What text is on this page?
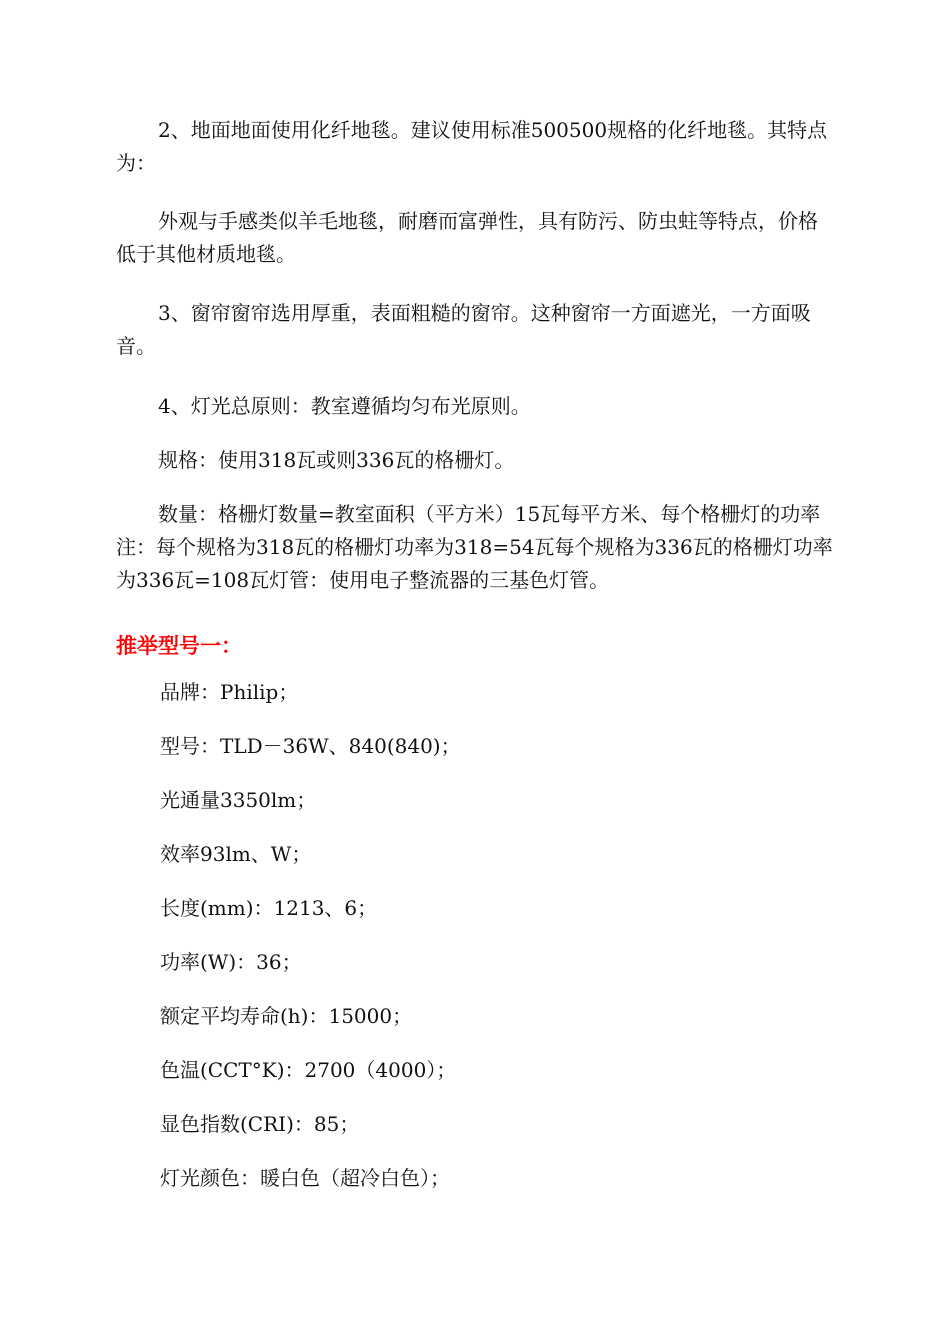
2、地面地面使用化纤地毯。建议使用标准500500规格的化纤地毯。其特点为：

外观与手感类似羊毛地毯，耐磨而富弹性，具有防污、防虫蛀等特点，价格低于其他材质地毯。

3、窗帘窗帘选用厚重，表面粗糙的窗帘。这种窗帘一方面遮光，一方面吸音。

4、灯光总原则：教室遵循均匀布光原则。

规格：使用318瓦或则336瓦的格栅灯。

数量：格栅灯数量=教室面积（平方米）15瓦每平方米、每个格栅灯的功率注：每个规格为318瓦的格栅灯功率为318=54瓦每个规格为336瓦的格栅灯功率为336瓦=108瓦灯管：使用电子整流器的三基色灯管。

推举型号一：

品牌：Philip；

型号：TLD－36W、840(840)；

光通量3350lm；

效率93lm、W；

长度(mm)：1213、6；

功率(W)：36；

额定平均寿命(h)：15000；

色温(CCT°K)：2700（4000）；

显色指数(CRI)：85；

灯光颜色：暖白色（超冷白色）；
